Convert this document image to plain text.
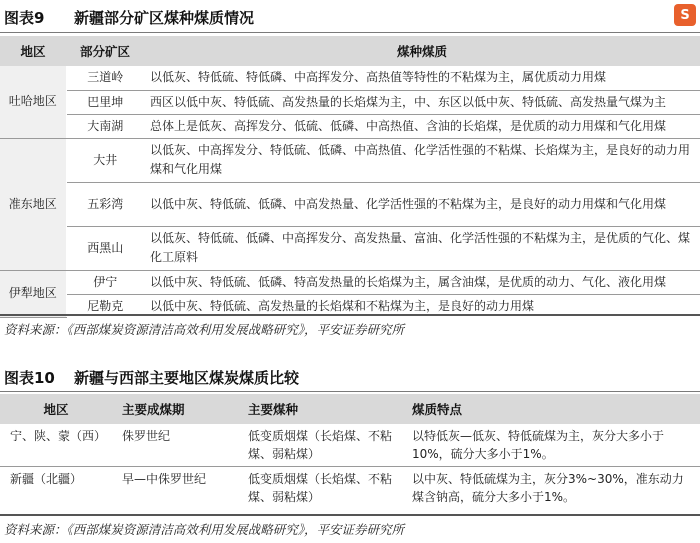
图表9	新疆部分矿区煤种煤质情况	S
地区	部分矿区	煤种煤质
吐哈地区	三道岭	以低灰、特低硫、特低磷、中高挥发分、高热值等特性的不粘煤为主，属优质动力用煤
	巴里坤	西区以低中灰、特低硫、高发热量的长焰煤为主，中、东区以低中灰、特低硫、高发热量气煤为主
	大南湖	总体上是低灰、高挥发分、低硫、低磷、中高热值、含油的长焰煤，是优质的动力用煤和气化用煤
准东地区	大井	以低灰、中高挥发分、特低硫、低磷、中高热值、化学活性强的不粘煤、长焰煤为主，是良好的动力用煤和气化用煤
	五彩湾	以低中灰、特低硫、低磷、中高发热量、化学活性强的不粘煤为主，是良好的动力用煤和气化用煤
	西黑山	以低灰、特低硫、低磷、中高挥发分、高发热量、富油、化学活性强的不粘煤为主，是优质的气化、煤化工原料
伊犁地区	伊宁	以低中灰、特低硫、低磷、特高发热量的长焰煤为主，属含油煤，是优质的动力、气化、液化用煤
	尼勒克	以低中灰、特低硫、高发热量的长焰煤和不粘煤为主，是良好的动力用煤
资料来源：《西部煤炭资源清洁高效利用发展战略研究》，平安证券研究所
图表10	新疆与西部主要地区煤炭煤质比较
地区	主要成煤期	主要煤种	煤质特点
宁、陕、蒙（西）	侏罗世纪	低变质烟煤（长焰煤、不粘煤、弱粘煤）	以特低灰—低灰、特低硫煤为主，灰分大多小于10%，硫分大多小于1%。
新疆（北疆）	早—中侏罗世纪	低变质烟煤（长焰煤、不粘煤、弱粘煤）	以中灰、特低硫煤为主，灰分3%~30%，准东动力煤含钠高，硫分大多小于1%。
资料来源：《西部煤炭资源清洁高效利用发展战略研究》，平安证券研究所
